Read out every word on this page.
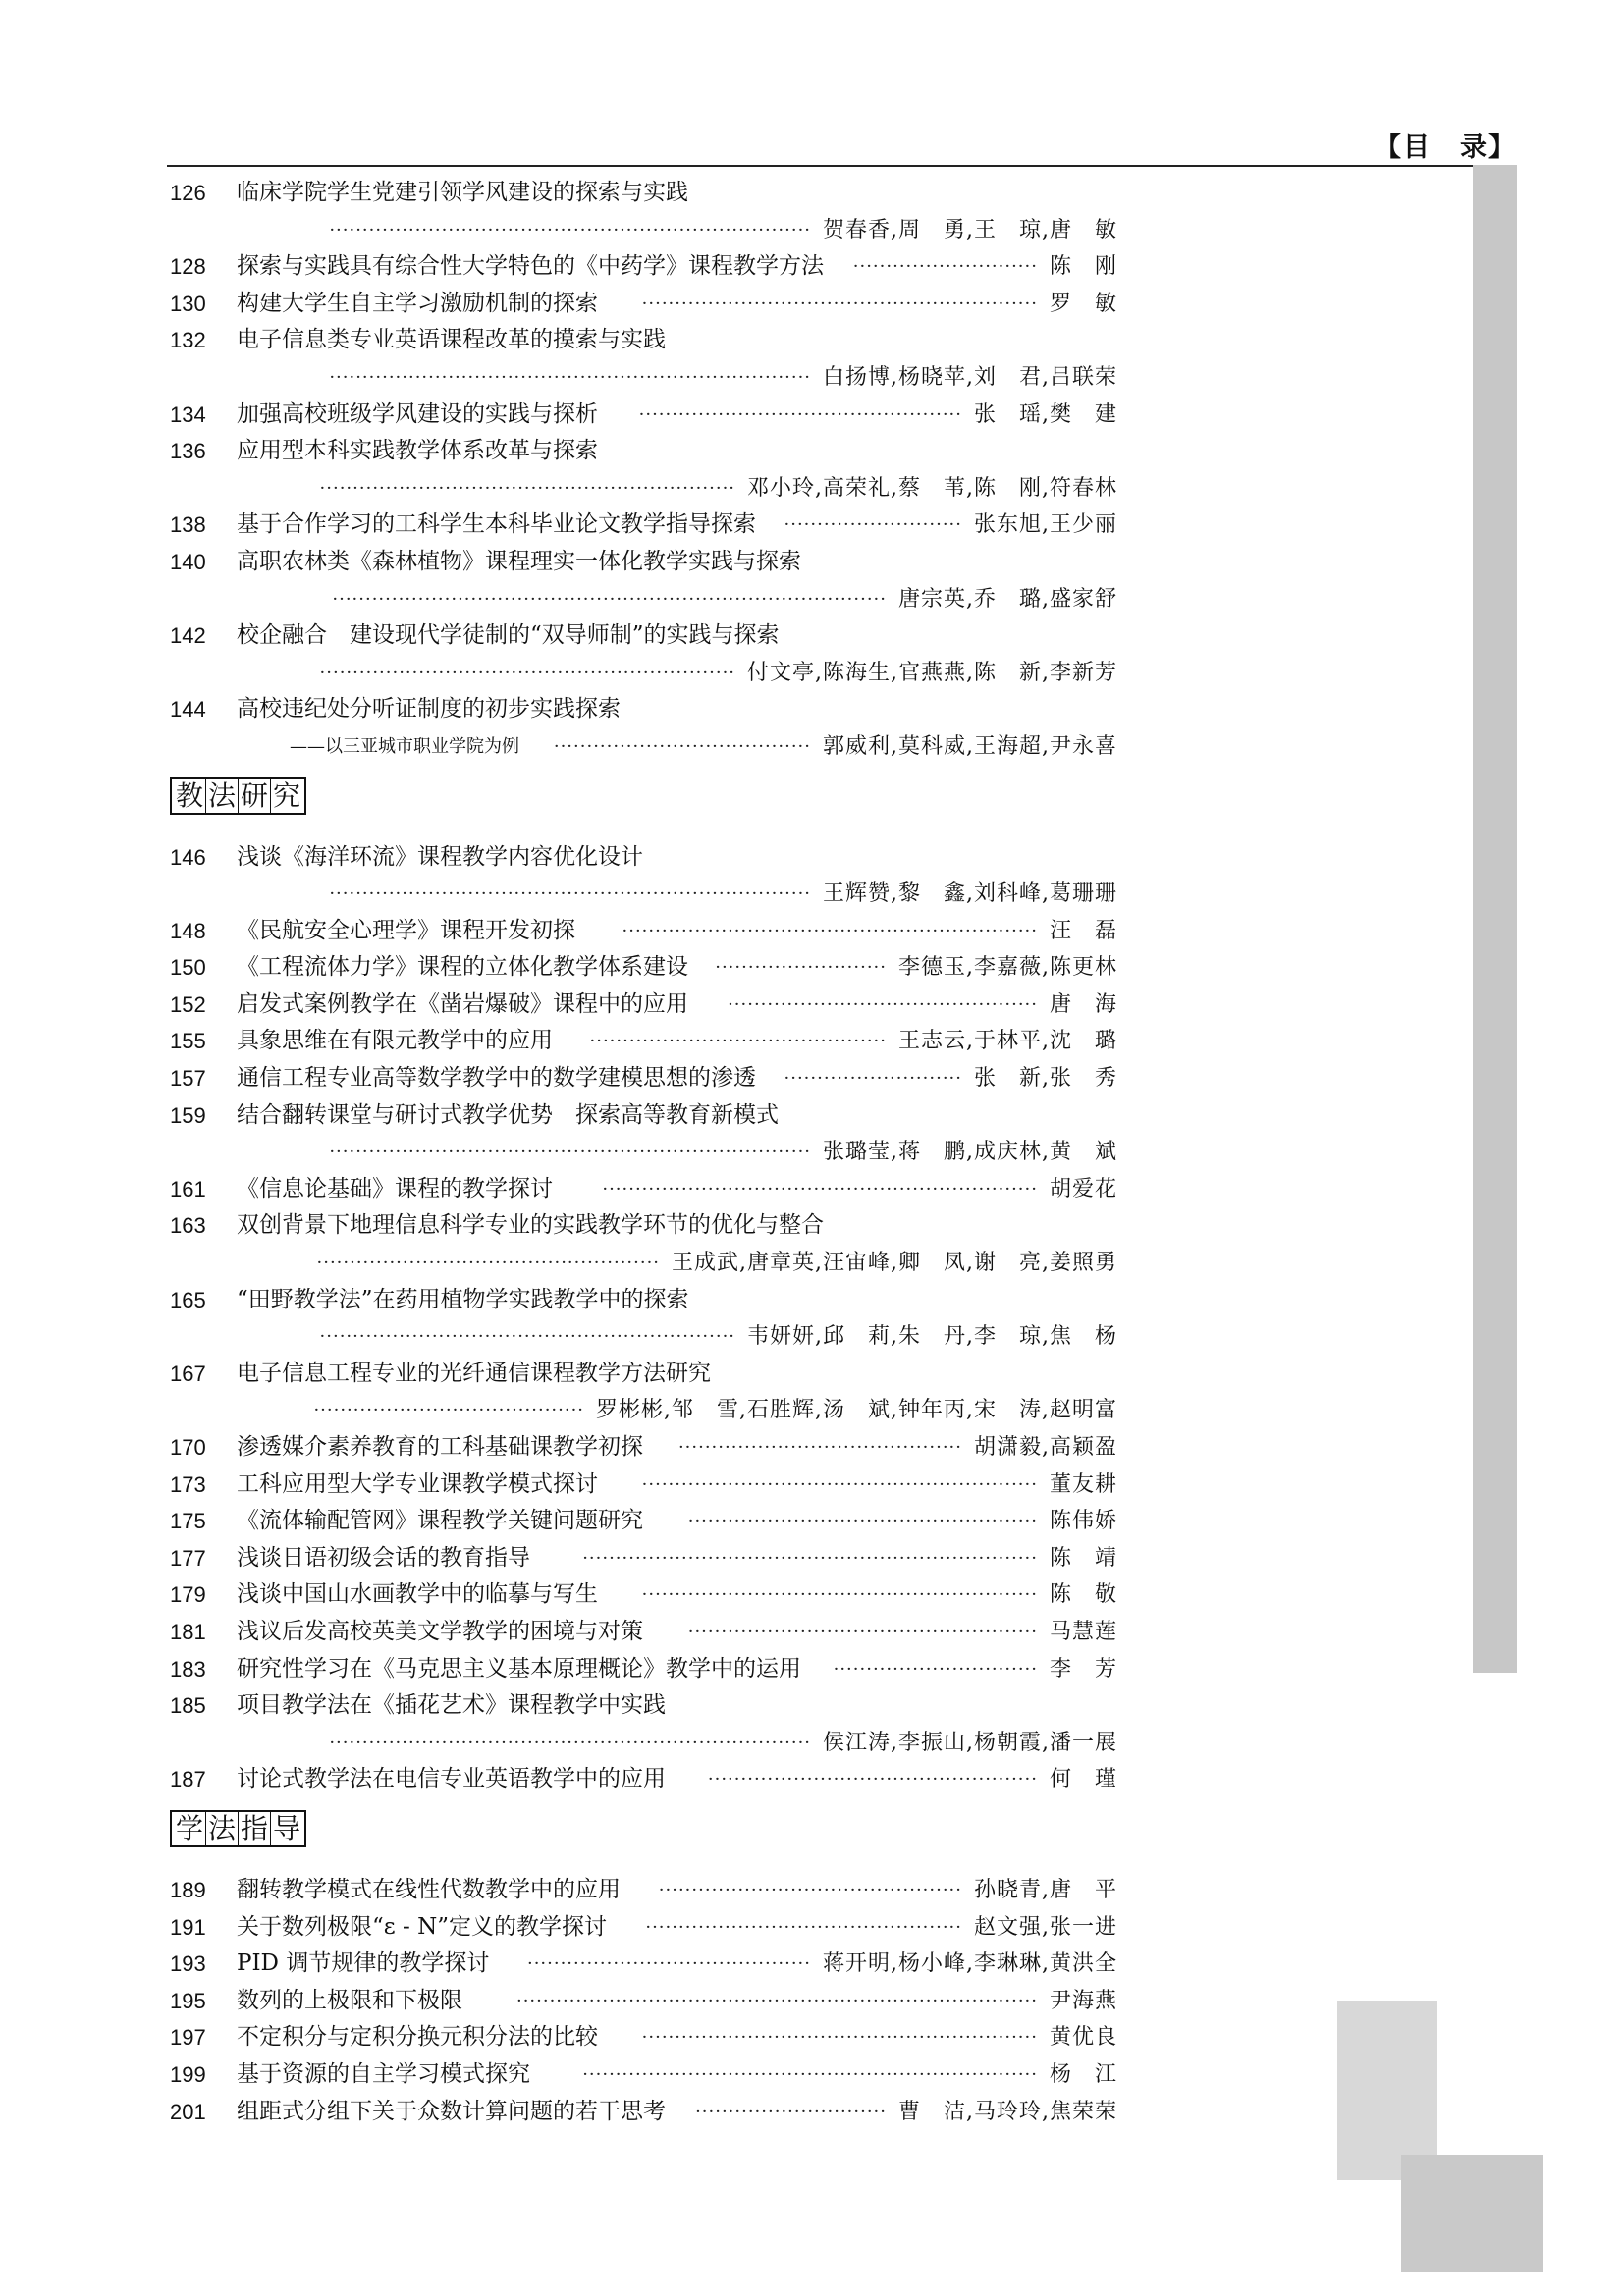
【目　录】
126	临床学院学生党建引领学风建设的探索与实践
········································································· 贺春香,周　勇,王　琼,唐　敏
128	探索与实践具有综合性大学特色的《中药学》课程教学方法 ···························· 陈　刚
130	构建大学生自主学习激励机制的探索 ···························································· 罗　敏
132	电子信息类专业英语课程改革的摸索与实践
········································································· 白扬博,杨晓苹,刘　君,吕联荣
134	加强高校班级学风建设的实践与探析 ················································· 张　瑶,樊　建
136	应用型本科实践教学体系改革与探索
······························································· 邓小玲,高荣礼,蔡　苇,陈　刚,符春林
138	基于合作学习的工科学生本科毕业论文教学指导探索 ··························· 张东旭,王少丽
140	高职农林类《森林植物》课程理实一体化教学实践与探索
···················································································· 唐宗英,乔　璐,盛家舒
142	校企融合　建设现代学徒制的“双导师制”的实践与探索
······························································· 付文亭,陈海生,官燕燕,陈　新,李新芳
144	高校违纪处分听证制度的初步实践探索
——以三亚城市职业学院为例 ······································· 郭威利,莫科威,王海超,尹永喜
教 法 研 究
146	浅谈《海洋环流》课程教学内容优化设计
········································································· 王辉赞,黎　鑫,刘科峰,葛珊珊
148	《民航安全心理学》课程开发初探	······························································· 汪　磊
150	《工程流体力学》课程的立体化教学体系建设 ·························· 李德玉,李嘉薇,陈更林
152	启发式案例教学在《凿岩爆破》课程中的应用 ··············································· 唐　海
155	具象思维在有限元教学中的应用 ············································· 王志云,于林平,沈　璐
157	通信工程专业高等数学教学中的数学建模思想的渗透 ··························· 张　新,张　秀
159	结合翻转课堂与研讨式教学优势　探索高等教育新模式
········································································· 张璐莹,蒋　鹏,成庆林,黄　斌
161	《信息论基础》课程的教学探讨	·································································· 胡爱花
163	双创背景下地理信息科学专业的实践教学环节的优化与整合
···················································· 王成武,唐章英,汪宙峰,卿　凤,谢　亮,姜照勇
165	“田野教学法”在药用植物学实践教学中的探索
······························································· 韦妍妍,邱　莉,朱　丹,李　琼,焦　杨
167	电子信息工程专业的光纤通信课程教学方法研究
········································· 罗彬彬,邹　雪,石胜辉,汤　斌,钟年丙,宋　涛,赵明富
170	渗透媒介素养教育的工科基础课教学初探 ··········································· 胡潇毅,高颖盈
173	工科应用型大学专业课教学模式探讨 ···························································· 董友耕
175	《流体输配管网》课程教学关键问题研究	····················································· 陈伟娇
177	浅谈日语初级会话的教育指导	····································································· 陈　靖
179	浅谈中国山水画教学中的临摹与写生 ···························································· 陈　敬
181	浅议后发高校英美文学教学的困境与对策	····················································· 马慧莲
183	研究性学习在《马克思主义基本原理概论》教学中的运用 ······························· 李　芳
185	项目教学法在《插花艺术》课程教学中实践
········································································· 侯江涛,李振山,杨朝霞,潘一展
187	讨论式教学法在电信专业英语教学中的应用 ·················································· 何　瑾
学 法 指 导
189	翻转教学模式在线性代数教学中的应用 ·············································· 孙晓青,唐　平
191	关于数列极限“ε - N”定义的教学探讨 ················································ 赵文强,张一进
193	PID 调节规律的教学探讨 ··········································· 蒋开明,杨小峰,李琳琳,黄洪全
195	数列的上极限和下极限	··············································································· 尹海燕
197	不定积分与定积分换元积分法的比较 ···························································· 黄优良
199	基于资源的自主学习模式探究	····································································· 杨　江
201	组距式分组下关于众数计算问题的若干思考 ····························· 曹　洁,马玲玲,焦荣荣
